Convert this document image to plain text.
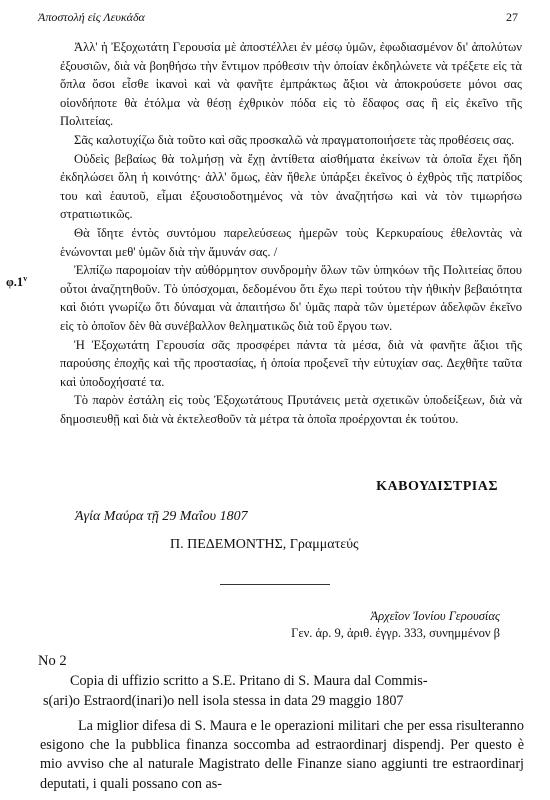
Ἀποστολή εἰς Λευκάδα	27

Ἀλλ' ἡ Ἐξοχωτάτη Γερουσία μὲ ἀποστέλλει ἐν μέσῳ ὑμῶν, ἐφωδιασμένον δι' ἀπολύτων ἐξουσιῶν, διὰ νὰ βοηθήσω τὴν ἔντιμον πρόθεσιν τὴν ὁποίαν ἐκδηλώνετε νὰ τρέξετε εἰς τὰ ὅπλα ὅσοι εἶσθε ἱκανοὶ καὶ νὰ φανῆτε ἐμπράκτως ἄξιοι νὰ ἀποκρούσετε μόνοι σας οἱονδήποτε θὰ ἐτόλμα νὰ θέσῃ ἐχθρικὸν πόδα εἰς τὸ ἔδαφος σας ἢ εἰς ἐκεῖνο τῆς Πολιτείας.

Σᾶς καλοτυχίζω διὰ τοῦτο καὶ σᾶς προσκαλῶ νὰ πραγματοποιήσετε τὰς προθέσεις σας.

Οὐδεὶς βεβαίως θὰ τολμήσῃ νὰ ἔχῃ ἀντίθετα αἰσθήματα ἐκείνων τὰ ὁποῖα ἔχει ἤδη ἐκδηλώσει ὅλη ἡ κοινότης· ἀλλ' ὅμως, ἐὰν ἤθελε ὑπάρξει ἐκεῖνος ὁ ἐχθρὸς τῆς πατρίδος του καὶ ἑαυτοῦ, εἶμαι ἐξουσιοδοτημένος νὰ τὸν ἀναζητήσω καὶ νὰ τὸν τιμωρήσω στρατιωτικῶς.

Θὰ ἴδητε ἐντὸς συντόμου παρελεύσεως ἡμερῶν τοὺς Κερκυραίους ἐθελοντὰς νὰ ἑνώνονται μεθ' ὑμῶν διὰ τὴν ἄμυνάν σας. /

Ἐλπίζω παρομοίαν τὴν αὐθόρμητον συνδρομὴν ὅλων τῶν ὑπηκόων τῆς Πολιτείας ὅπου οὗτοι ἀναζητηθοῦν. Τὸ ὑπόσχομαι, δεδομένου ὅτι ἔχω περὶ τούτου τὴν ἠθικὴν βεβαιότητα καὶ διότι γνωρίζω ὅτι δύναμαι νὰ ἀπαιτήσω δι' ὑμᾶς παρὰ τῶν ὑμετέρων ἀδελφῶν ἐκεῖνο εἰς τὸ ὁποῖον δὲν θὰ συνέβαλλον θεληματικῶς διὰ τοῦ ἔργου των.

Ἡ Ἐξοχωτάτη Γερουσία σᾶς προσφέρει πάντα τὰ μέσα, διὰ νὰ φανῆτε ἄξιοι τῆς παρούσης ἐποχῆς καὶ τῆς προστασίας, ἡ ὁποία προξενεῖ τὴν εὐτυχίαν σας. Δεχθῆτε ταῦτα καὶ ὑποδοχήσατέ τα.

Τὸ παρὸν ἐστάλη εἰς τοὺς Ἐξοχωτάτους Πρυτάνεις μετὰ σχετικῶν ὑποδείξεων, διὰ νὰ δημοσιευθῇ καὶ διὰ νὰ ἐκτελεσθοῦν τὰ μέτρα τὰ ὁποῖα προέρχονται ἐκ τούτου.

φ.1$^v$
ΚΑΒΟΥΔΙΣΤΡΙΑΣ
Ἁγία Μαύρα τῇ 29 Μαΐου 1807
Π. ΠΕΔΕΜΟΝΤΗΣ, Γραμματεύς
Ἀρχεῖον Ἰονίου Γερουσίας
Γεν. ἀρ. 9, ἀριθ. ἐγγρ. 333, συνημμένον β
No 2
Copia di uffizio scritto a S.E. Pritano di S. Maura dal Commis-
s(ari)o Estraord(inari)o nell isola stessa in data 29 maggio 1807

La miglior difesa di S. Maura e le operazioni militari che per essa risulteranno esigono che la pubblica finanza soccomba ad estraordinarj dispendj. Per questo è mio avviso che al naturale Magistrato delle Finanze siano aggiunti tre estraordinarj deputati, i quali possano con as-
